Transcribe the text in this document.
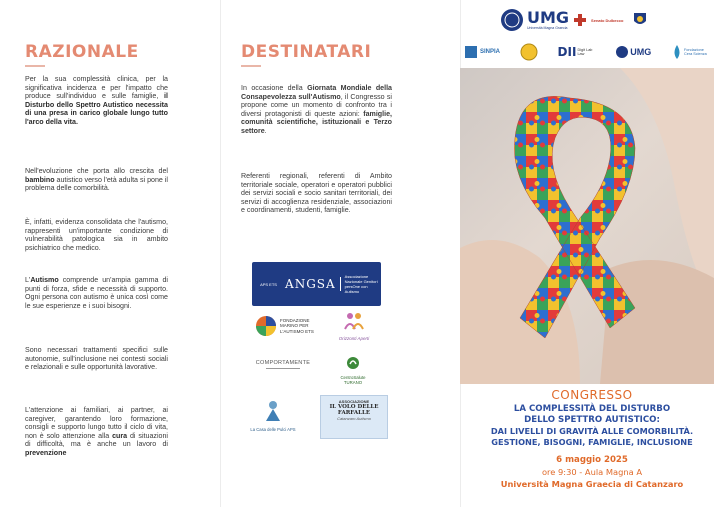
RAZIONALE

Per la sua complessità clinica, per la significativa incidenza e per l'impatto che produce sull'individuo e sulle famiglie, il Disturbo dello Spettro Autistico necessita di una presa in carico globale lungo tutto l'arco della vita.

Nell'evoluzione che porta allo crescita del bambino autistico verso l'età adulta si pone il problema delle comorbilità.

È, infatti, evidenza consolidata che l'autismo, rappresenti un'importante condizione di vulnerabilità patologica sia in ambito psichiatrico che medico.

L'Autismo comprende un'ampia gamma di punti di forza, sfide e necessità di supporto. Ogni persona con autismo è unica così come le sue esperienze e i suoi bisogni.

Sono necessari trattamenti specifici sulle autonomie, sull'inclusione nei contesti sociali e relazionali e sulle opportunità lavorative.

L'attenzione ai familiari, ai partner, ai caregiver, garantendo loro formazione, consigli e supporto lungo tutto il ciclo di vita, non è solo attenzione alla cura di situazioni di difficoltà, ma è anche un lavoro di prevenzione

DESTINATARI

In occasione della Giornata Mondiale della Consapevolezza sull'Autismo, il Congresso si propone come un momento di confronto tra i diversi protagonisti di queste azioni: famiglie, comunità scientifiche, istituzionali e Terzo settore.

Referenti regionali, referenti di Ambito territoriale sociale, operatori e operatori pubblici dei servizi sociali e socio sanitari territoriali, dei servizi di accoglienza residenziale, associazioni e coordinamenti, studenti, famiglie.

APS ETS ANGSA
Associazione Nazionale Genitori persOne con Autismo
FONDAZIONE MARINO PER L'AUTISMO ETS
Orizzonti Aperti
COMPORTAMENTE
CentroSalute TURANO
La Casa delle Pulci APS
ASSOCIAZIONE
IL VOLO DELLE FARFALLE
Catanzaro Autismo
UMG
Università Magna Graecia
Senato Dulbecco
SINPIA	DII Digit Lab Law	UMG	Fondazione Cera Scienza
CONGRESSO
LA COMPLESSITÀ DEL DISTURBO
DELLO SPETTRO AUTISTICO:
DAI LIVELLI DI GRAVITÀ ALLE COMORBILITÀ.
GESTIONE, BISOGNI, FAMIGLIE, INCLUSIONE
6 maggio 2025
ore 9:30 - Aula Magna A
Università Magna Graecia di Catanzaro
